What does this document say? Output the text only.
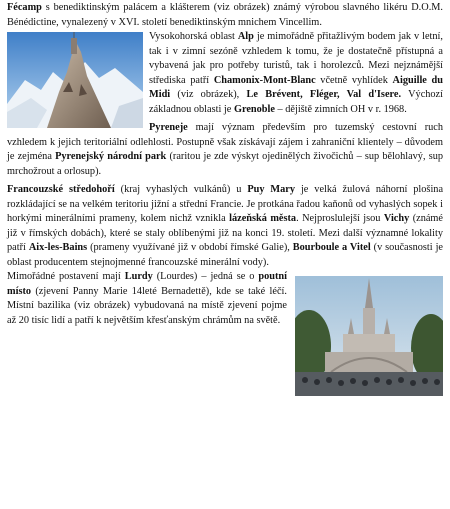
Fécamp s benediktinským palácem a klášterem (viz obrázek) známý výrobou slavného likéru D.O.M. Bénédictine, vynalezený v XVI. století benediktinským mnichem Vincellim.

Vysokohorská oblast Alp je mimořádně přitažlivým bodem jak v letní, tak i v zimní sezóně vzhledem k tomu, že je dostatečně přístupná a vybavená jak pro potřeby turistů, tak i horolezců. Mezi nejznámější střediska patří Chamonix-Mont-Blanc včetně vyhlídek Aiguille du Midi (viz obrázek), Le Brévent, Fléger, Val d'Isere. Výchozí základnou oblasti je Grenoble – dějiště zimních OH v r. 1968.

Pyreneje mají význam především pro tuzemský cestovní ruch vzhledem k jejich teritoriální odlehlosti. Postupně však získávají zájem i zahraniční klientely – důvodem je zejména Pyrenejský národní park (raritou je zde výskyt ojedinělých živočichů – sup bělohlavý, sup mrchožrout a orlosup).

Francouzské středohoří (kraj vyhaslých vulkánů) u Puy Mary je velká žulová náhorní plošina rozkládající se na velkém teritoriu jižní a střední Francie. Je protkána řadou kaňonů od vyhaslých sopek i horkými minerálními prameny, kolem nichž vznikla lázeňská města. Nejproslulejší jsou Vichy (známé již v římských dobách), které se staly oblíbenými již na konci 19. století. Mezi další významné lokality patří Aix-les-Bains (prameny využívané již v období římské Galie), Bourboule a Vitel (v současnosti je oblast producentem stejnojmenné francouzské minerální vody).

Mimořádné postavení mají Lurdy (Lourdes) – jedná se o poutní místo (zjevení Panny Marie 14leté Bernadettě), kde se také léčí. Místní bazilika (viz obrázek) vybudovaná na místě zjevení pojme až 20 tisíc lidí a patří k největším křesťanským chrámům na světě.
